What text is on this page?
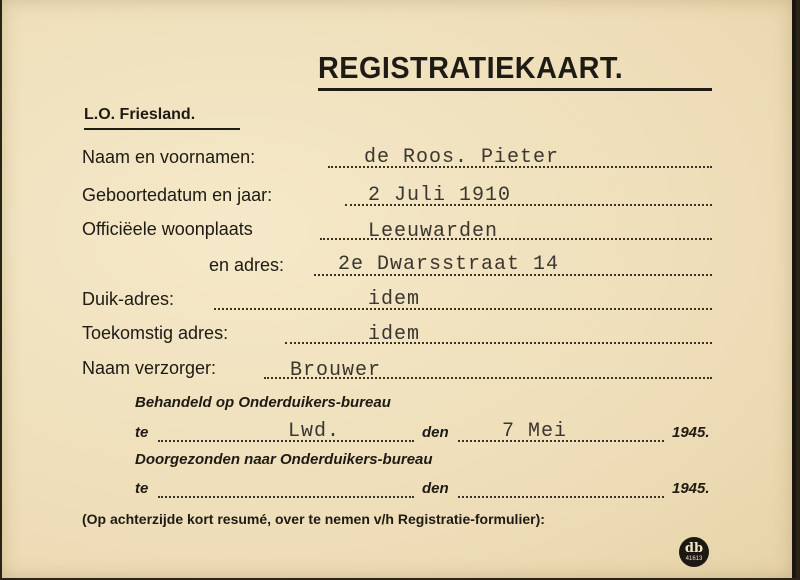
REGISTRATIEKAART.
L.O. Friesland.
Naam en voornamen:	de Roos. Pieter
Geboortedatum en jaar:	2 Juli 1910
Officiëele woonplaats	Leeuwarden
en adres:	2e Dwarsstraat 14
Duik-adres:	idem
Toekomstig adres:	idem
Naam verzorger:	Brouwer
Behandeld op Onderduikers-bureau
te	Lwd.	den	7 Mei	1945.
Doorgezonden naar Onderduikers-bureau
te	den	1945.
(Op achterzijde kort resumé, over te nemen v/h Registratie-formulier):
db
41613
